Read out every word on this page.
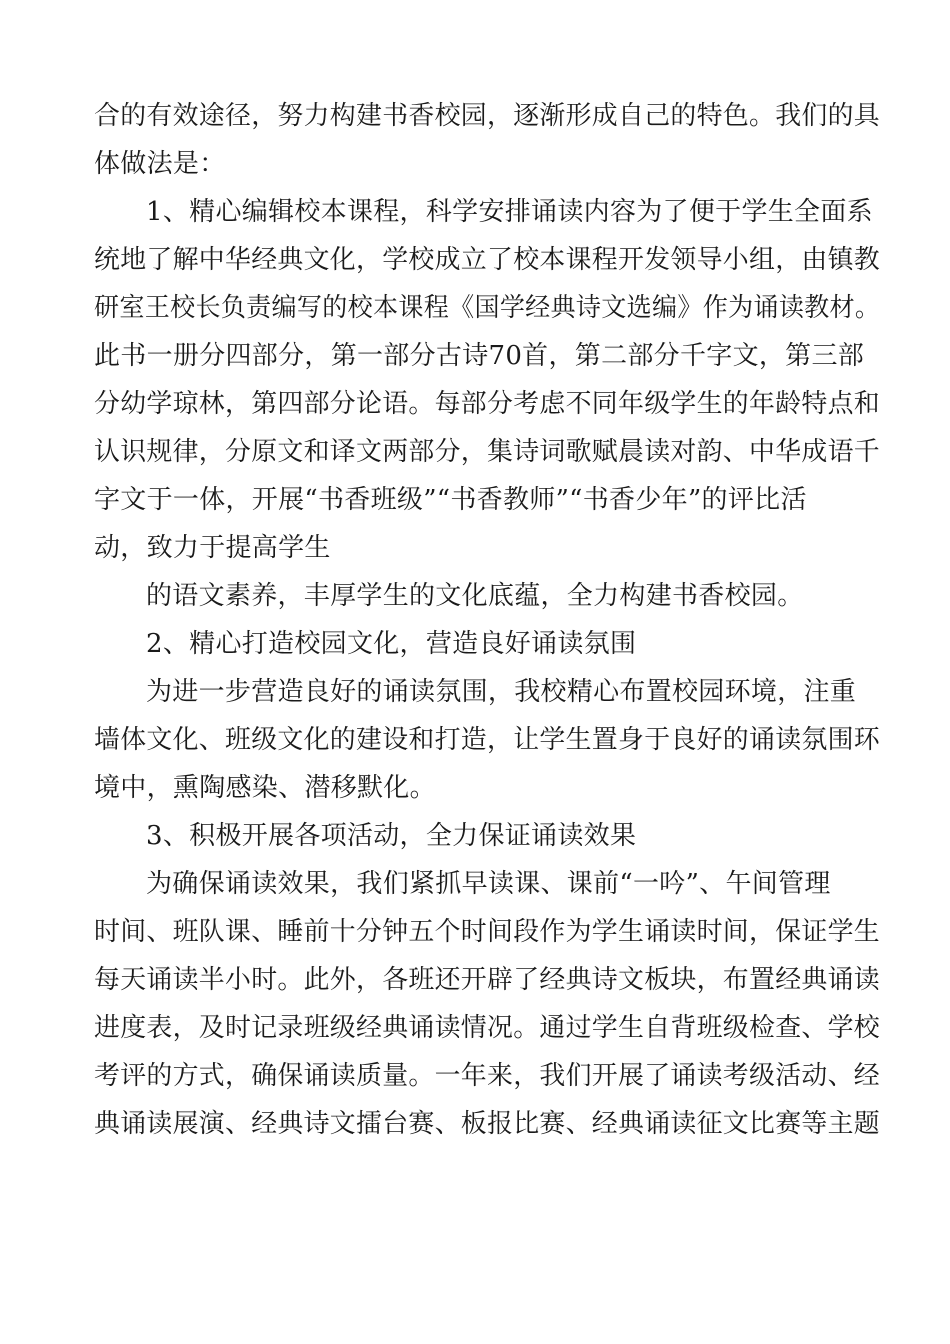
合的有效途径，努力构建书香校园，逐渐形成自己的特色。我们的具
体做法是：
1、精心编辑校本课程，科学安排诵读内容为了便于学生全面系
统地了解中华经典文化，学校成立了校本课程开发领导小组，由镇教
研室王校长负责编写的校本课程《国学经典诗文选编》作为诵读教材。
此书一册分四部分，第一部分古诗70首，第二部分千字文，第三部
分幼学琼林，第四部分论语。每部分考虑不同年级学生的年龄特点和
认识规律，分原文和译文两部分，集诗词歌赋晨读对韵、中华成语千
字文于一体，开展“书香班级”“书香教师”“书香少年”的评比活
动，致力于提高学生
的语文素养，丰厚学生的文化底蕴，全力构建书香校园。
2、精心打造校园文化，营造良好诵读氛围
为进一步营造良好的诵读氛围，我校精心布置校园环境，注重
墙体文化、班级文化的建设和打造，让学生置身于良好的诵读氛围环
境中，熏陶感染、潜移默化。
3、积极开展各项活动，全力保证诵读效果
为确保诵读效果，我们紧抓早读课、课前“一吟”、午间管理
时间、班队课、睡前十分钟五个时间段作为学生诵读时间，保证学生
每天诵读半小时。此外，各班还开辟了经典诗文板块，布置经典诵读
进度表，及时记录班级经典诵读情况。通过学生自背班级检查、学校
考评的方式，确保诵读质量。一年来，我们开展了诵读考级活动、经
典诵读展演、经典诗文擂台赛、板报比赛、经典诵读征文比赛等主题
